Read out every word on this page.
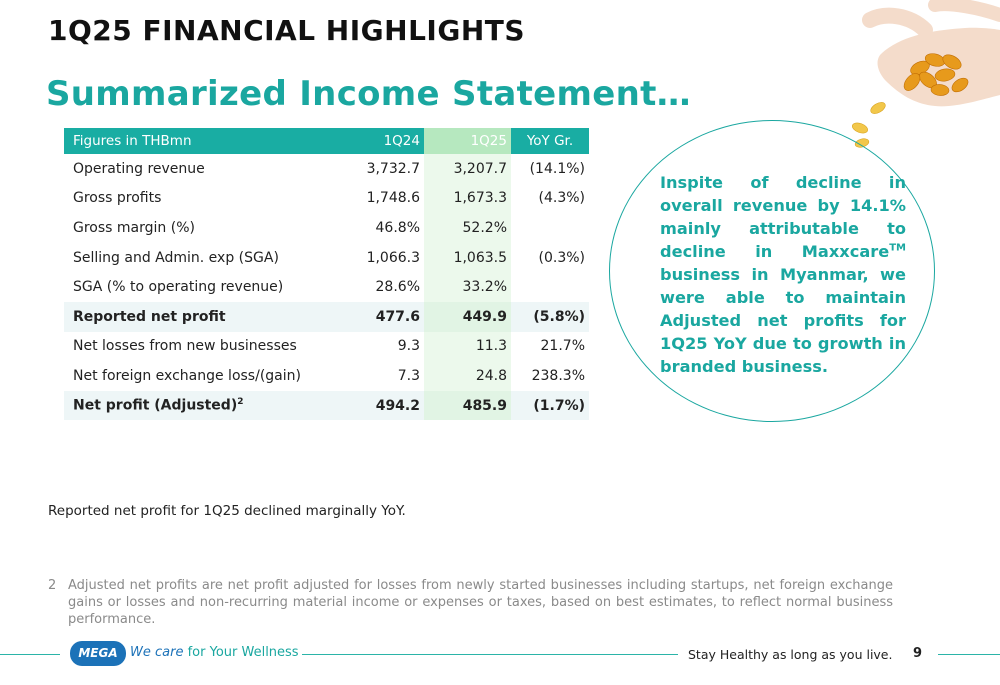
1Q25 FINANCIAL HIGHLIGHTS
Summarized Income Statement…
Figures in THBmn	1Q24	1Q25	YoY Gr.
Operating revenue	3,732.7	3,207.7	(14.1%)
Gross profits	1,748.6	1,673.3	(4.3%)
Gross margin (%)	46.8%	52.2%	
Selling and Admin. exp (SGA)	1,066.3	1,063.5	(0.3%)
SGA (% to operating revenue)	28.6%	33.2%	
Reported net profit	477.6	449.9	(5.8%)
Net losses from new businesses	9.3	11.3	21.7%
Net foreign exchange loss/(gain)	7.3	24.8	238.3%
Net profit (Adjusted)$^2$	494.2	485.9	(1.7%)
Inspite of decline in overall revenue by 14.1% mainly attributable to decline in Maxxcare™ business in Myanmar, we were able to maintain Adjusted net profits for 1Q25 YoY due to growth in branded business.
Reported net profit for 1Q25 declined marginally YoY.
2 Adjusted net profits are net profit adjusted for losses from newly started businesses including startups, net foreign exchange gains or losses and non-recurring material income or expenses or taxes, based on best estimates, to reflect normal business performance.
MEGA We care for Your Wellness	Stay Healthy as long as you live. 9
